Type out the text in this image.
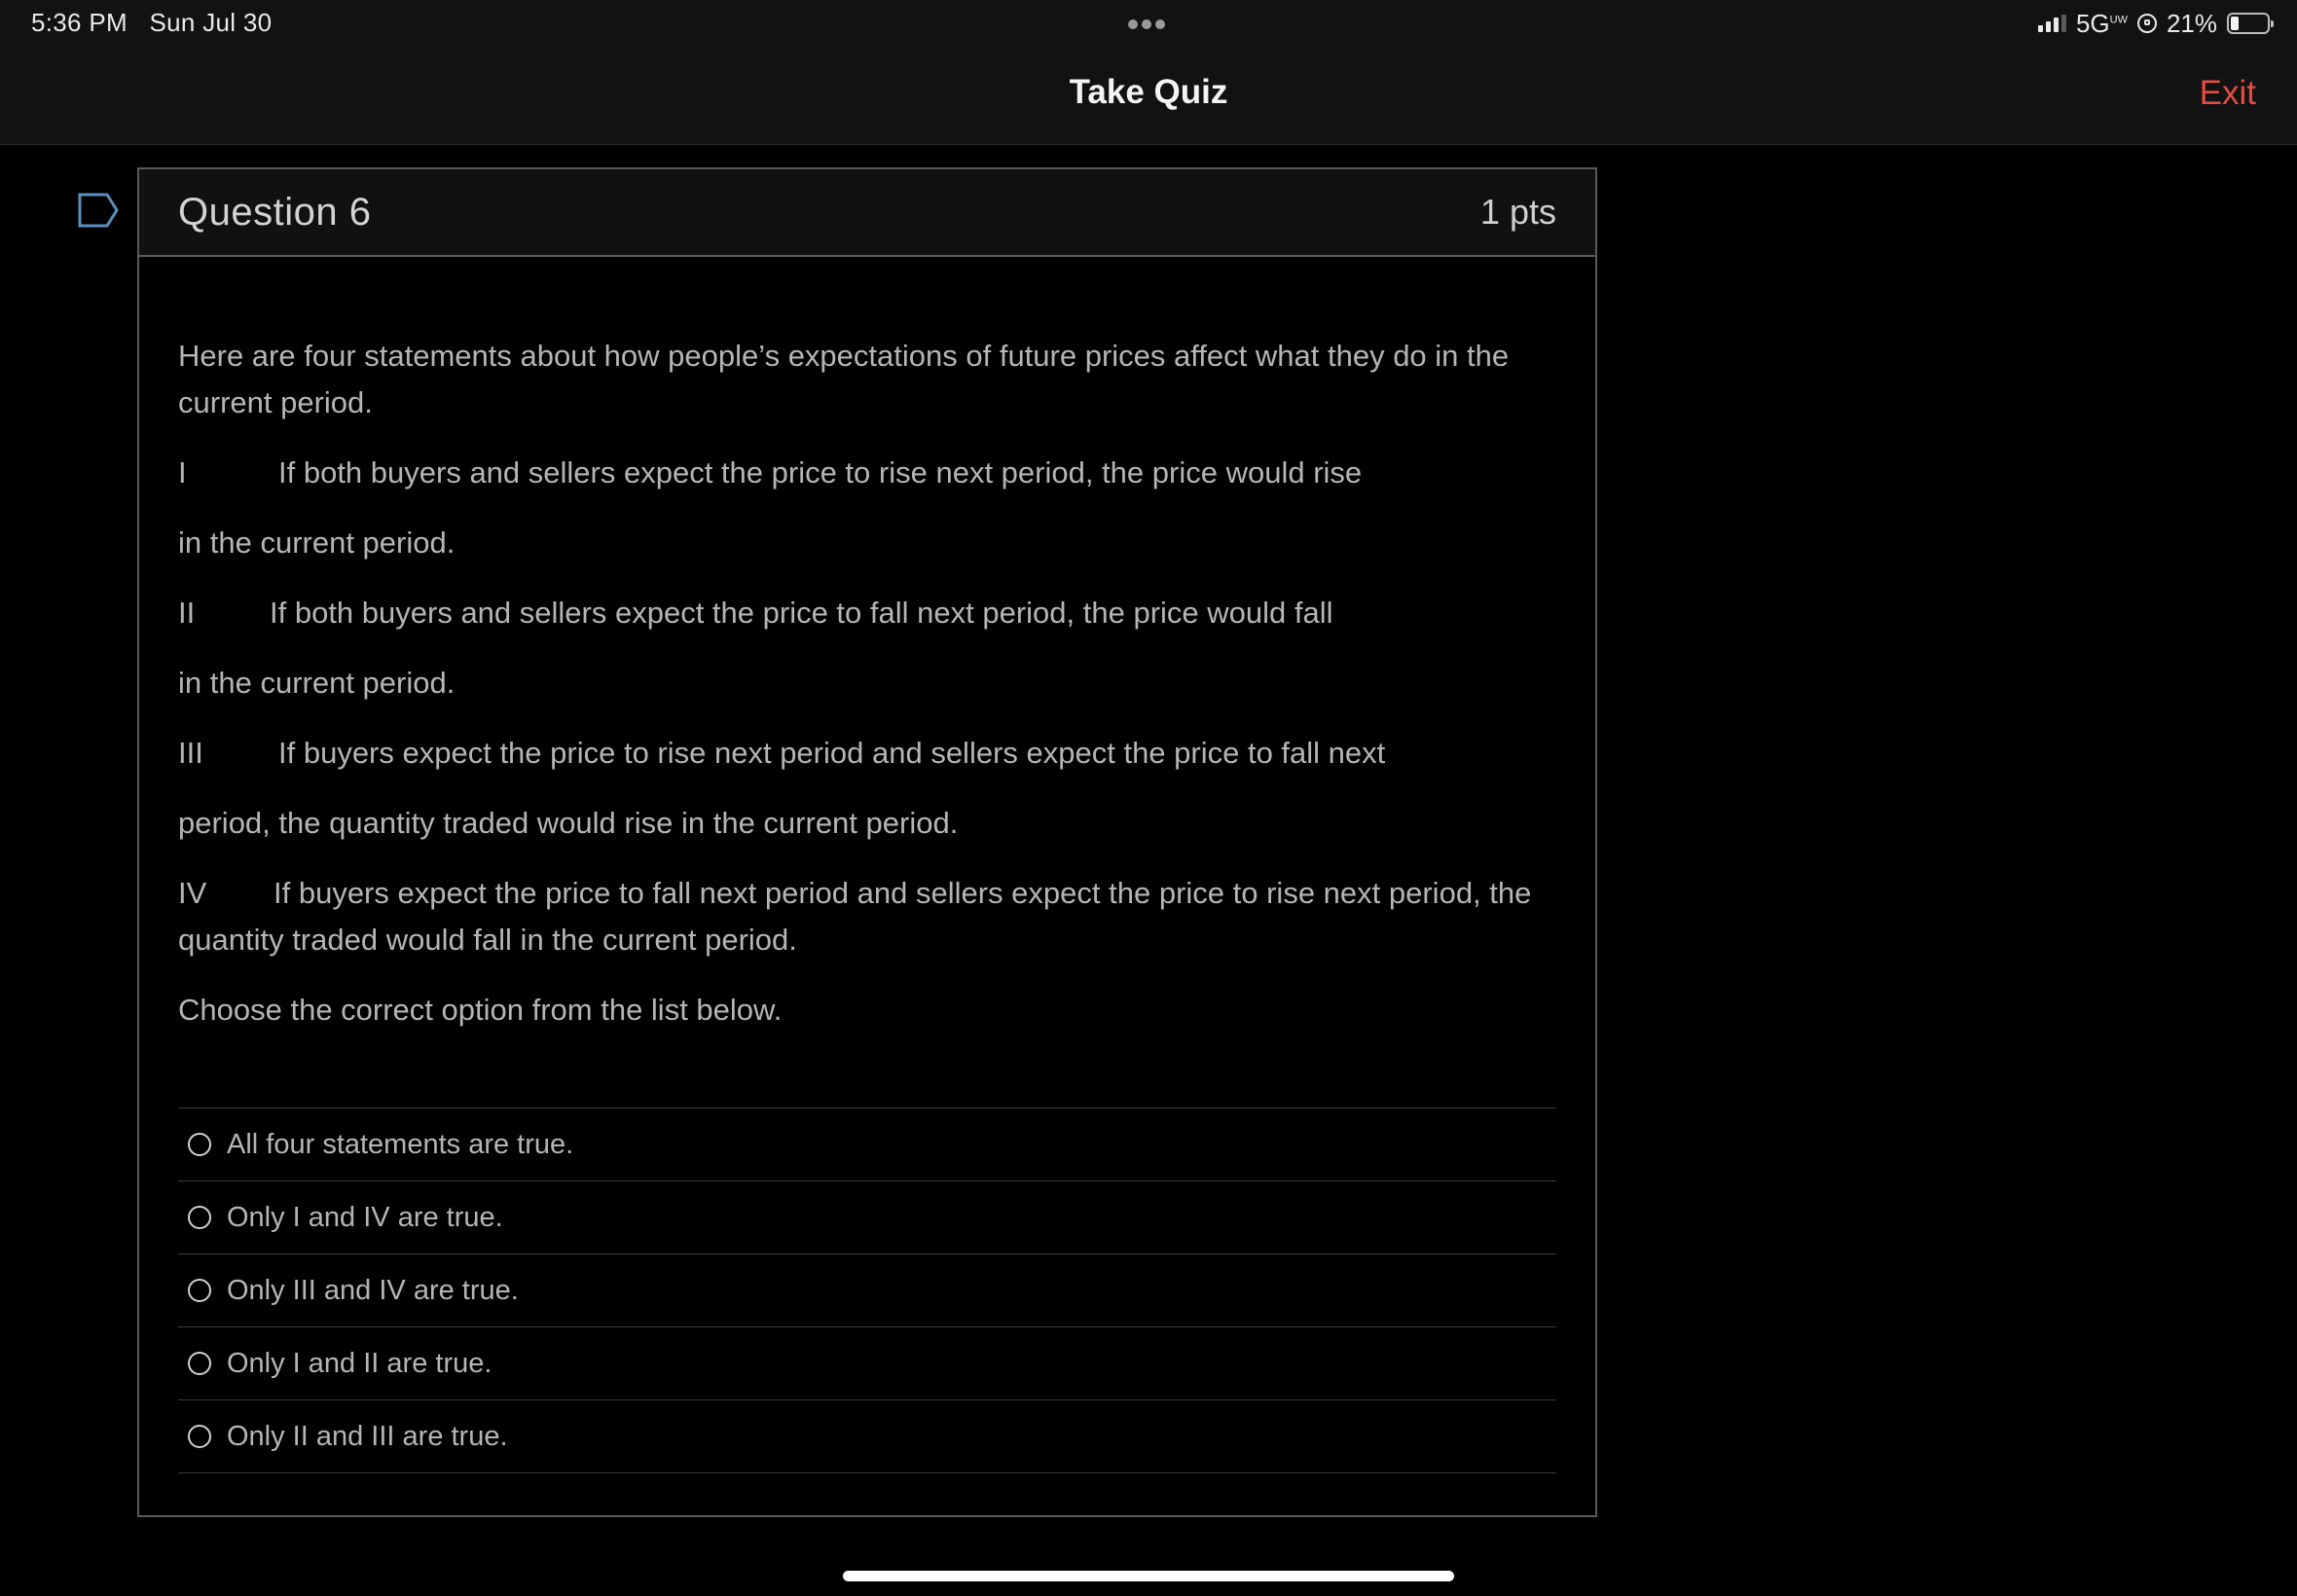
5:36 PM Sun Jul 30	$5G^{UW}$ 21%
Take Quiz	Exit
Question 6	1 pts

Here are four statements about how people’s expectations of future prices affect what they do in the current period.

I	If both buyers and sellers expect the price to rise next period, the price would rise

in the current period.

II If both buyers and sellers expect the price to fall next period, the price would fall

in the current period.

III If buyers expect the price to rise next period and sellers expect the price to fall next

period, the quantity traded would rise in the current period.

IV If buyers expect the price to fall next period and sellers expect the price to rise next period, the quantity traded would fall in the current period.

Choose the correct option from the list below.

All four statements are true.
Only I and IV are true.
Only III and IV are true.
Only I and II are true.
Only II and III are true.
